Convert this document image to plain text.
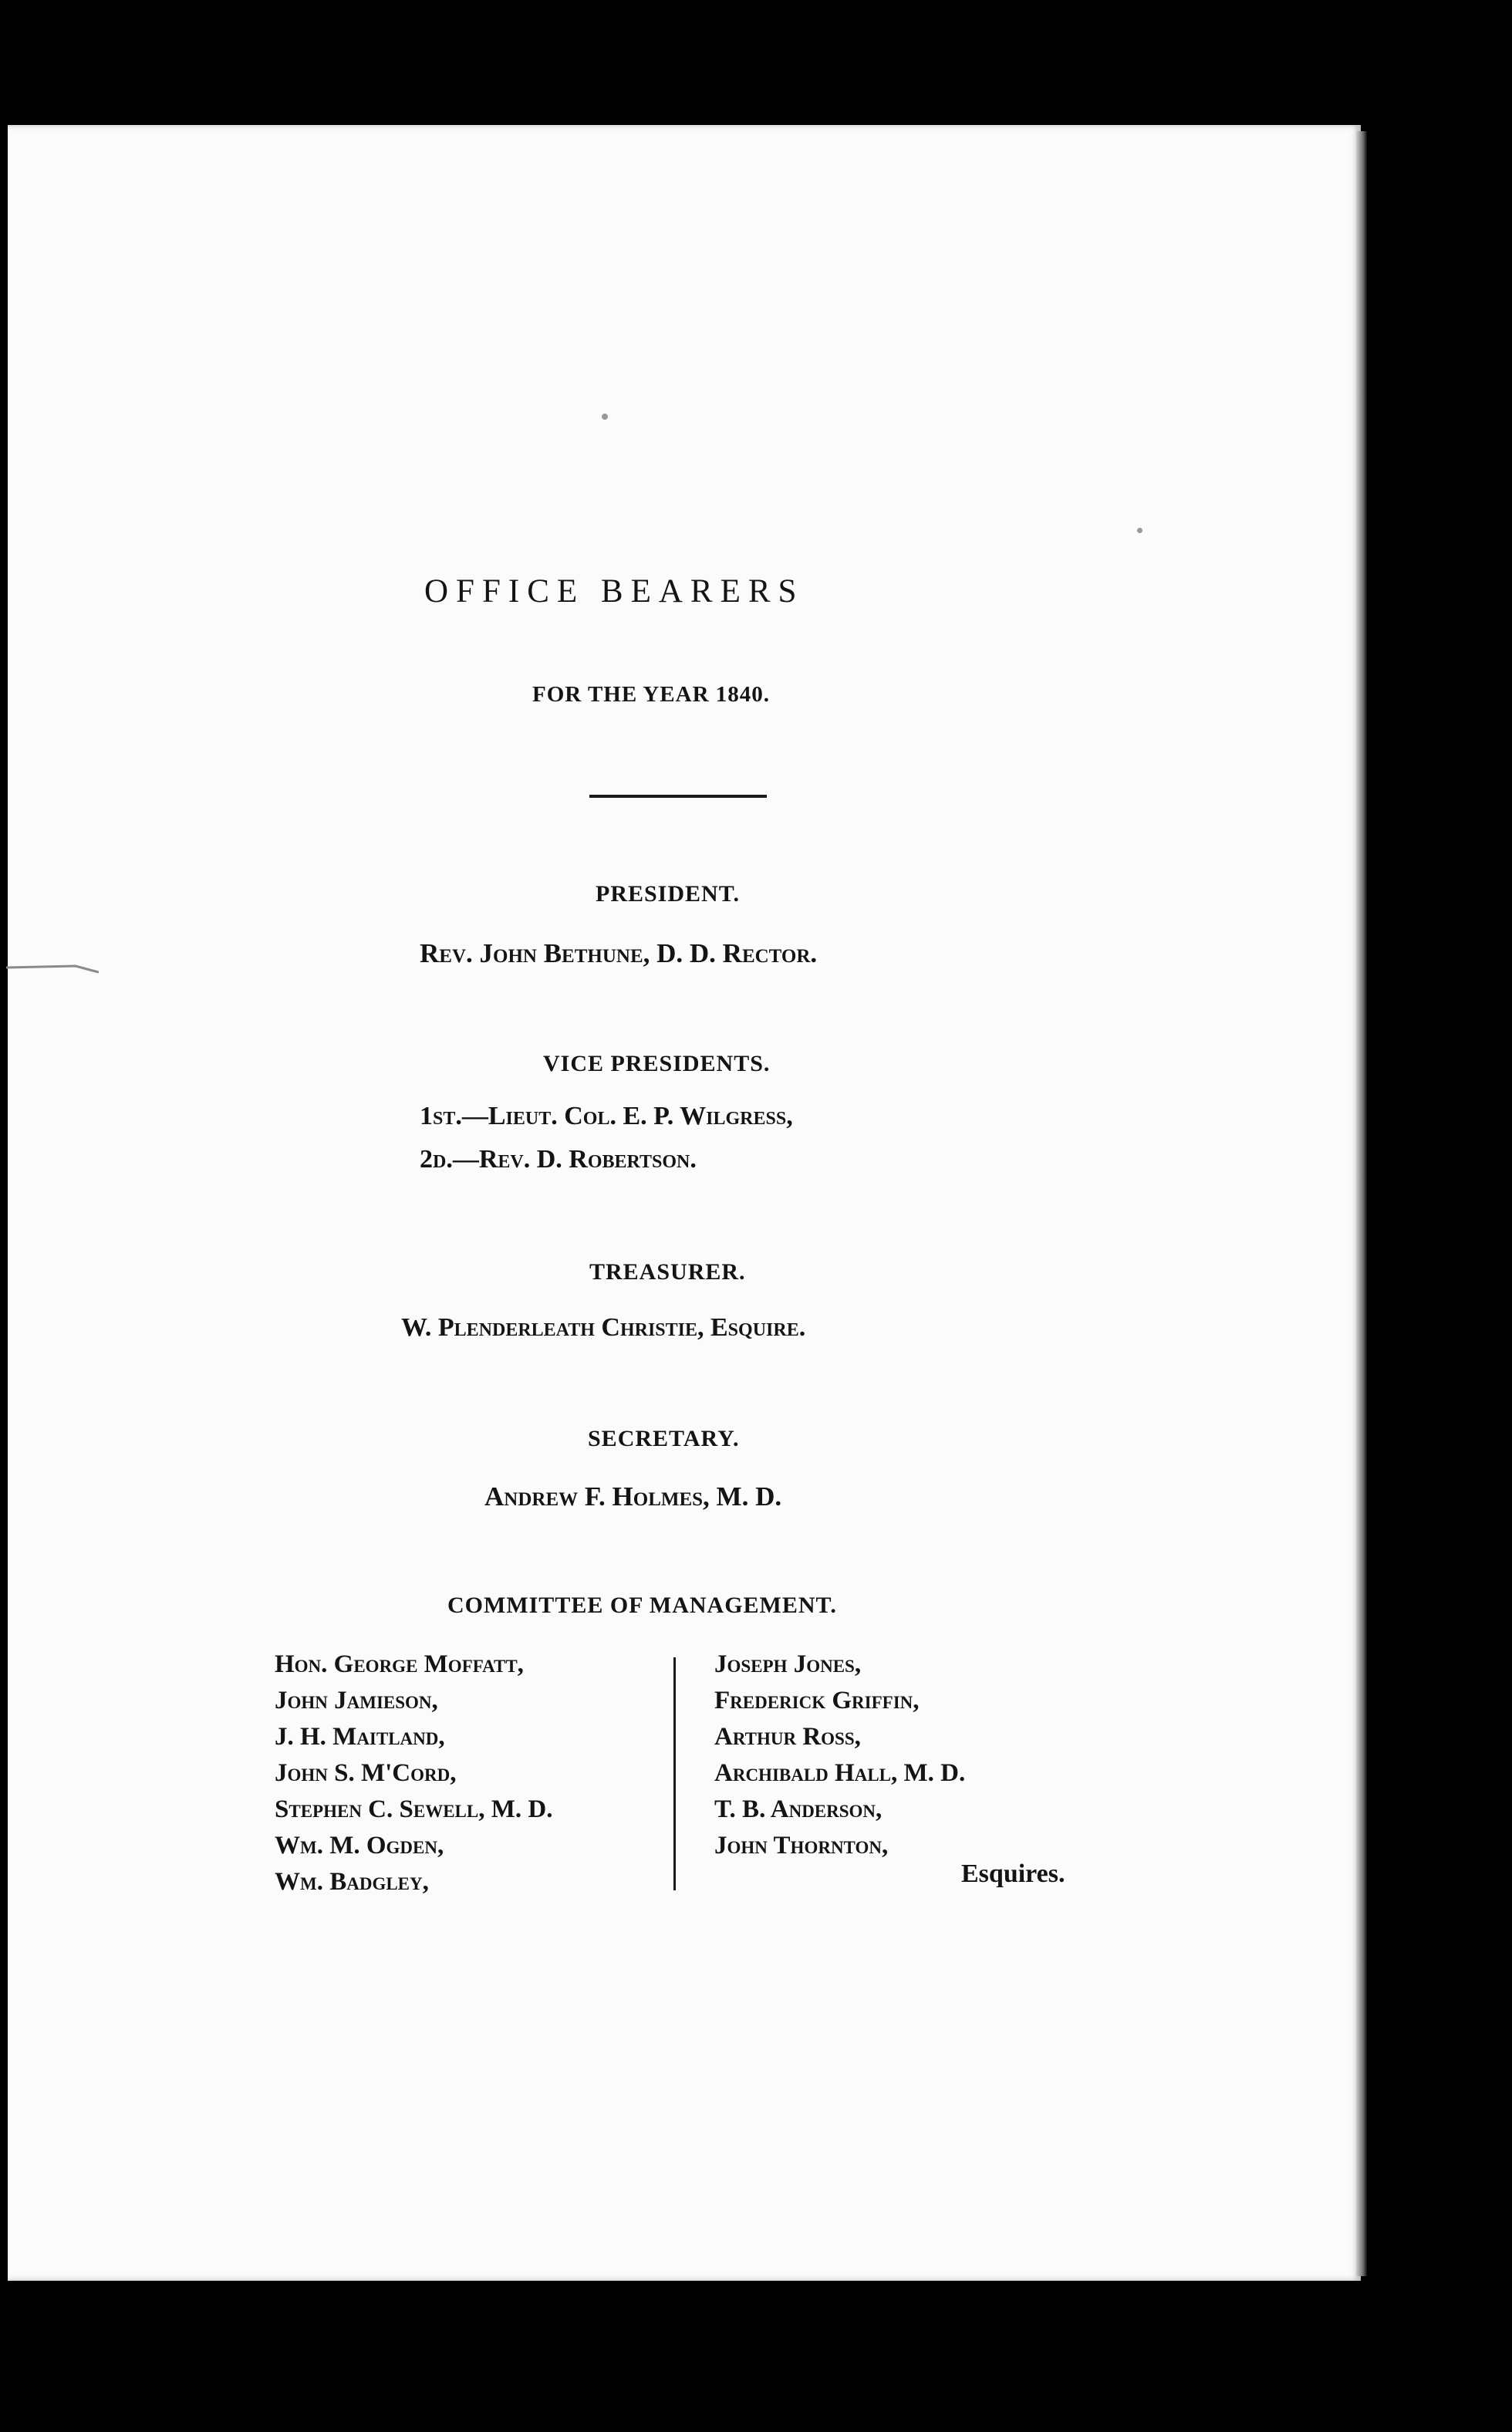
OFFICE BEARERS
FOR THE YEAR 1840.
PRESIDENT.
Rev. John Bethune, D. D. Rector.
VICE PRESIDENTS.
1st.—Lieut. Col. E. P. Wilgress,
2d.—Rev. D. Robertson.
TREASURER.
W. Plenderleath Christie, Esquire.
SECRETARY.
Andrew F. Holmes, M. D.
COMMITTEE OF MANAGEMENT.
Hon. George Moffatt,
John Jamieson,
J. H. Maitland,
John S. M'Cord,
Stephen C. Sewell, M. D.
Wm. M. Ogden,
Wm. Badgley,
Joseph Jones,
Frederick Griffin,
Arthur Ross,
Archibald Hall, M. D.
T. B. Anderson,
John Thornton,
Esquires.
